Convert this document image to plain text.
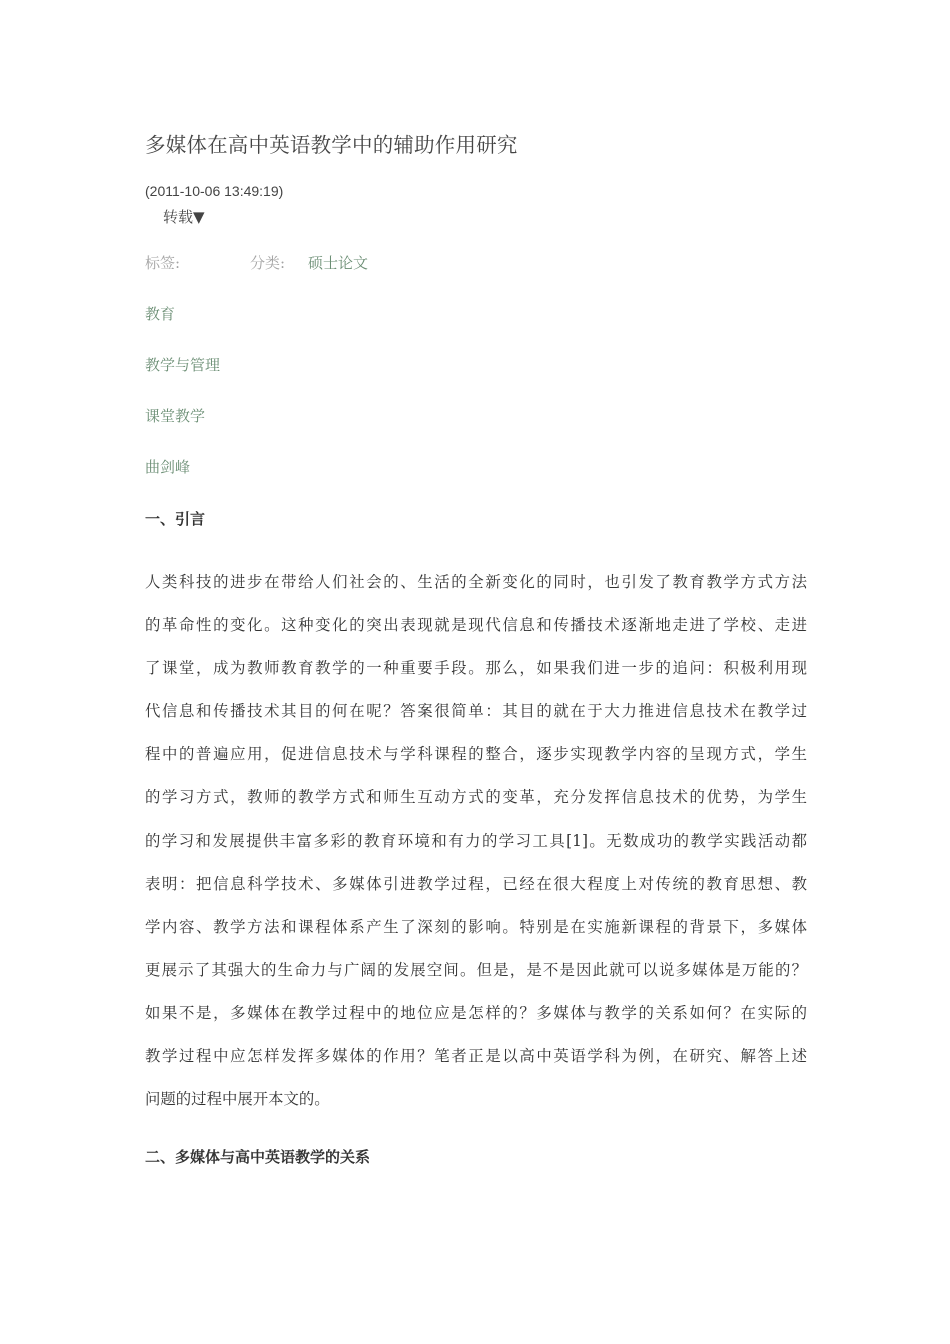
多媒体在高中英语教学中的辅助作用研究
(2011-10-06 13:49:19)
转载▼
标签:	分类: 硕士论文
教育
教学与管理
课堂教学
曲剑峰
一、引言
人类科技的进步在带给人们社会的、生活的全新变化的同时，也引发了教育教学方式方法
的革命性的变化。这种变化的突出表现就是现代信息和传播技术逐渐地走进了学校、走进
了课堂，成为教师教育教学的一种重要手段。那么，如果我们进一步的追问：积极利用现
代信息和传播技术其目的何在呢？答案很简单：其目的就在于大力推进信息技术在教学过
程中的普遍应用，促进信息技术与学科课程的整合，逐步实现教学内容的呈现方式，学生
的学习方式，教师的教学方式和师生互动方式的变革，充分发挥信息技术的优势，为学生
的学习和发展提供丰富多彩的教育环境和有力的学习工具[1]。无数成功的教学实践活动都
表明：把信息科学技术、多媒体引进教学过程，已经在很大程度上对传统的教育思想、教
学内容、教学方法和课程体系产生了深刻的影响。特别是在实施新课程的背景下，多媒体
更展示了其强大的生命力与广阔的发展空间。但是，是不是因此就可以说多媒体是万能的？
如果不是，多媒体在教学过程中的地位应是怎样的？多媒体与教学的关系如何？在实际的
教学过程中应怎样发挥多媒体的作用？笔者正是以高中英语学科为例，在研究、解答上述
问题的过程中展开本文的。
二、多媒体与高中英语教学的关系
